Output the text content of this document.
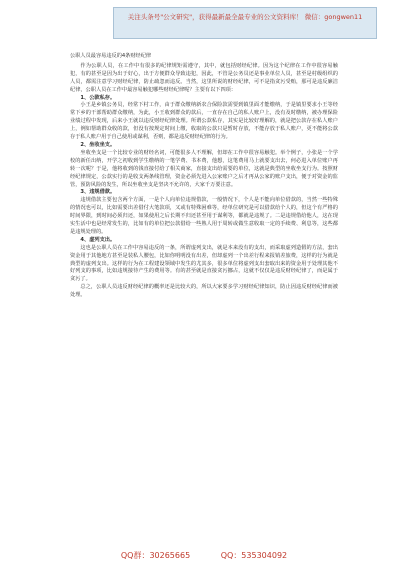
关注头条号"公文研究"，获得最新最全最专业的公文资料库！ 微信：gongwen11

公职人员最容易违反的4条财经纪律

作为公职人员，在工作中有很多的纪律规矩需遵守，其中，就包括财经纪律。因为这个纪律在工作中很容易触犯，有的甚至是因为出于好心，出于方便群众导致违犯，因此，不管是公务员还是事业单位人员，甚至是村级组织的人员，都需注意学习财经纪律，防止疏忽而违反。当然，这里所说的财经纪律，可不是指贪污受贿，那可是违反廉洁纪律，公职人员在工作中最容易触犯哪些财经纪律呢？主要有以下四项：

1、公款私存。

小王是乡镇公务员，经常下村工作，由于群众缴纳新农合保险款需要到镇里面才能缴纳，于是镇里要求小王等经常下乡的干部帮助群众缴纳，为此，小王收到群众的款后，一直存在自己的私人账户上，没有及时缴纳，被办理保险业绩过程中发现，后来小王就以违反财经纪律处理。所谓公款私存，其实是比较好理解的，就是把公款存在私人账户上，例如帮助群众收的款，但没有按规定时间上缴，收取的公款只是暂时存放，不能存放于私人账户，更不能将公款存于私人账户用于自己使用或谋利，否则，都是违反财经纪律的行为。

2、坐收坐支。

坐收坐支是一个比较专业的财经名词，可能很多人不理解，但却在工作中很容易触犯。举个例子，小张是一个学校的新任出纳，开学之初收到学生缴纳的一笔学费、书本费，他想，这笔费用马上就要支出去，何必进入单位账户再转一次呢？于是，他将收到的钱直接付给了相关商家，直接支出给需要的单位，这就是典型的坐收坐支行为。按照财经纪律规定，公款实行的是收支两条线管理，资金必须先进入公家账户之后才再从公家的账户支出，便于对资金的监管，预防风险的发生，所以坐收坐支是坚决不允许的，大家千万要注意。

3、违规借款。

违规借款主要包含两个方面，一是个人向单位违规借款，一般情况下，个人是不能向单位借款的，当然一些特殊的情况也可以，比如需要出差借付大笔款项，又或有特殊困难等，经单位研究是可以借款给个人的，但这个有严格的时间界限，到时间必须归还，如果使用之后长期不归还甚至用于谋利等，都就是违规了。二是违规借给他人，这在现实生活中也是经常发生的，比如有的单位把公款借给一些熟人用于周转或做生意收取一定的手续费、利息等，这些都是违规处理的。

4、虚列支出。

这也是公职人员在工作中容易违反的一条，所谓虚列支出，就是本来没有的支出，而采取虚列造假的方法，套出资金用于其他地方甚至是装私人腰包，比如你明明没有出差，但却虚列一个出差行程来报销差旅费，这样的行为就是典型的虚列支出。这样的行为在工程建设领域中发生的尤其多，很多单位将虚列支出套取出来的资金用于处理其他不好列支的事项，比如违规接待产生的费用等。有的甚至就是直接贪污挪占，这就不仅仅是违反财经纪律了，而是属于贪污了。

总之，公职人员违反财经纪律的概率还是比较大的，所以大家要多学习财经纪律知识，防止因违反财经纪律而被处理。

QQ群：30265665	QQ：535304092
